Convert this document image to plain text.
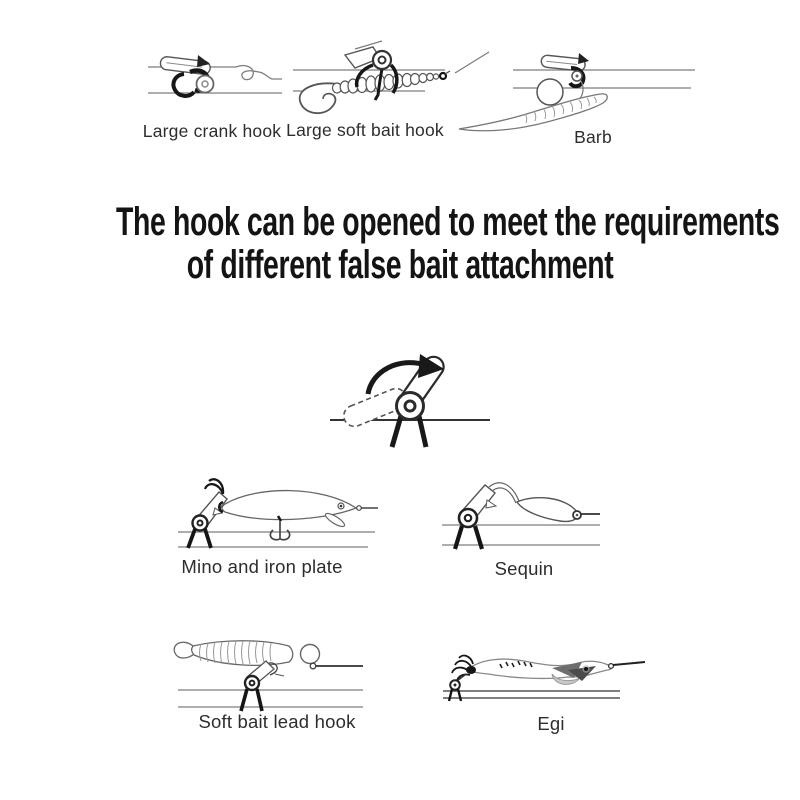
Large crank hook Large soft bait hook	Barb
The hook can be opened to meet the requirements
of different false bait attachment
Mino and iron plate	Sequin
Soft bait lead hook	Egi
